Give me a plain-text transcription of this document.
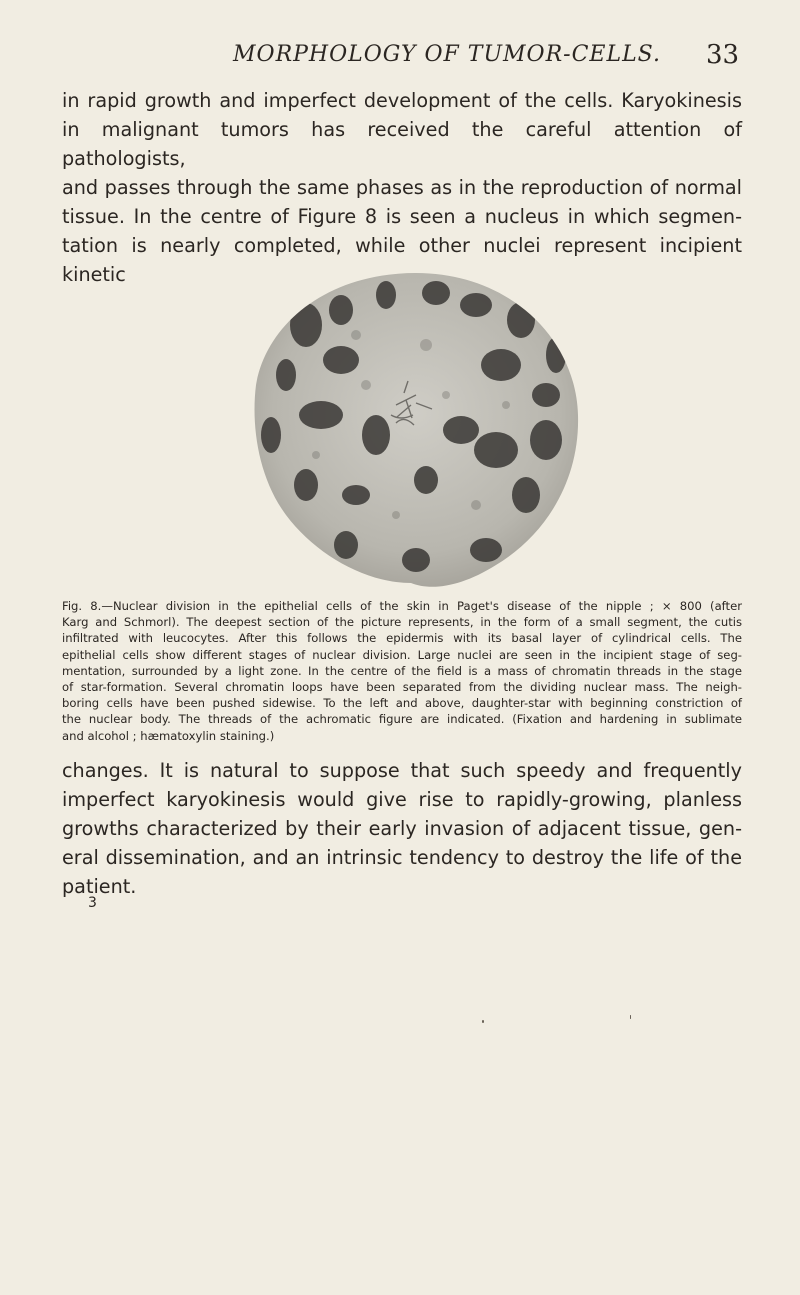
MORPHOLOGY OF TUMOR-CELLS. 33

in rapid growth and imperfect development of the cells. Karyokinesis
in malignant tumors has received the careful attention of pathologists,
and passes through the same phases as in the reproduction of normal
tissue. In the centre of Figure 8 is seen a nucleus in which segmen-
tation is nearly completed, while other nuclei represent incipient kinetic

Fig. 8.—Nuclear division in the epithelial cells of the skin in Paget's disease of the nipple ; × 800 (after
Karg and Schmorl). The deepest section of the picture represents, in the form of a small segment, the cutis
infiltrated with leucocytes. After this follows the epidermis with its basal layer of cylindrical cells. The
epithelial cells show different stages of nuclear division. Large nuclei are seen in the incipient stage of seg-
mentation, surrounded by a light zone. In the centre of the field is a mass of chromatin threads in the stage
of star-formation. Several chromatin loops have been separated from the dividing nuclear mass. The neigh-
boring cells have been pushed sidewise. To the left and above, daughter-star with beginning constriction of
the nuclear body. The threads of the achromatic figure are indicated. (Fixation and hardening in sublimate
and alcohol ; hæmatoxylin staining.)

changes. It is natural to suppose that such speedy and frequently
imperfect karyokinesis would give rise to rapidly-growing, planless
growths characterized by their early invasion of adjacent tissue, gen-
eral dissemination, and an intrinsic tendency to destroy the life of the
patient.

3
